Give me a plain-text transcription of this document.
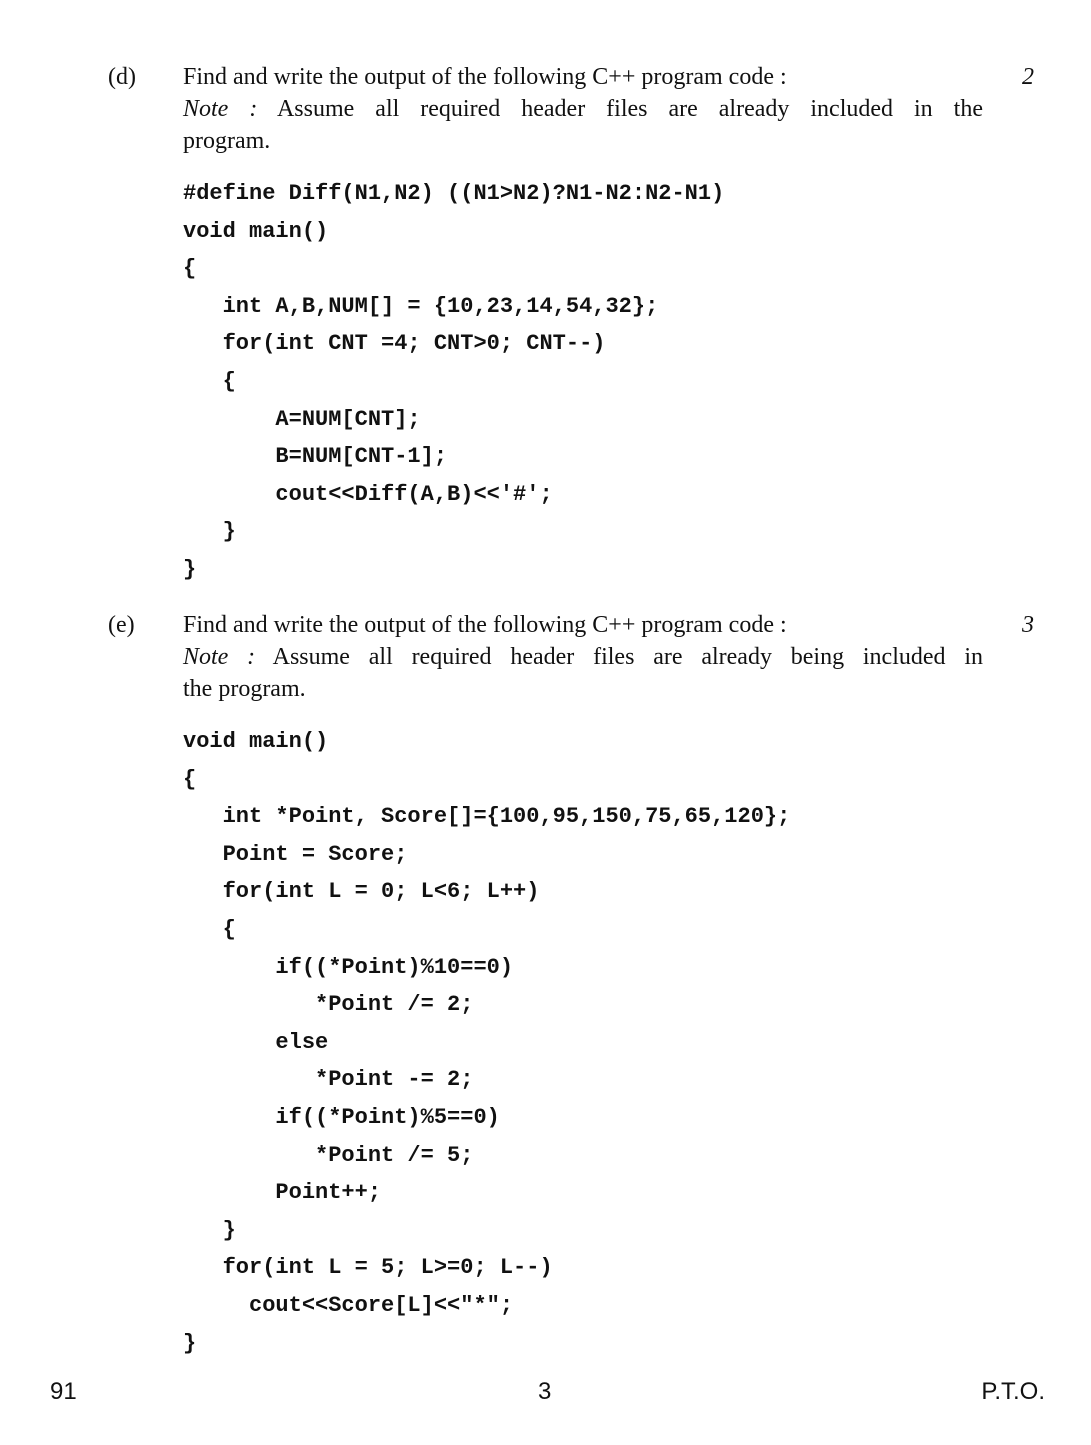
(d)	2
Find and write the output of the following C++ program code :
Note : Assume all required header files are already included in the
program.
#define Diff(N1,N2) ((N1>N2)?N1-N2:N2-N1)
void main()
{
int A,B,NUM[] = {10,23,14,54,32};
for(int CNT =4; CNT>0; CNT--)
{
A=NUM[CNT];
B=NUM[CNT-1];
cout<<Diff(A,B)<<'#';
}
}
(e)	3
Find and write the output of the following C++ program code :
Note : Assume all required header files are already being included in
the program.
void main()
{
int *Point, Score[]={100,95,150,75,65,120};
Point = Score;
for(int L = 0; L<6; L++)
{
if((*Point)%10==0)
*Point /= 2;
else
*Point -= 2;
if((*Point)%5==0)
*Point /= 5;
Point++;
}
for(int L = 5; L>=0; L--)
cout<<Score[L]<<"*";
}
91	3	P.T.O.
